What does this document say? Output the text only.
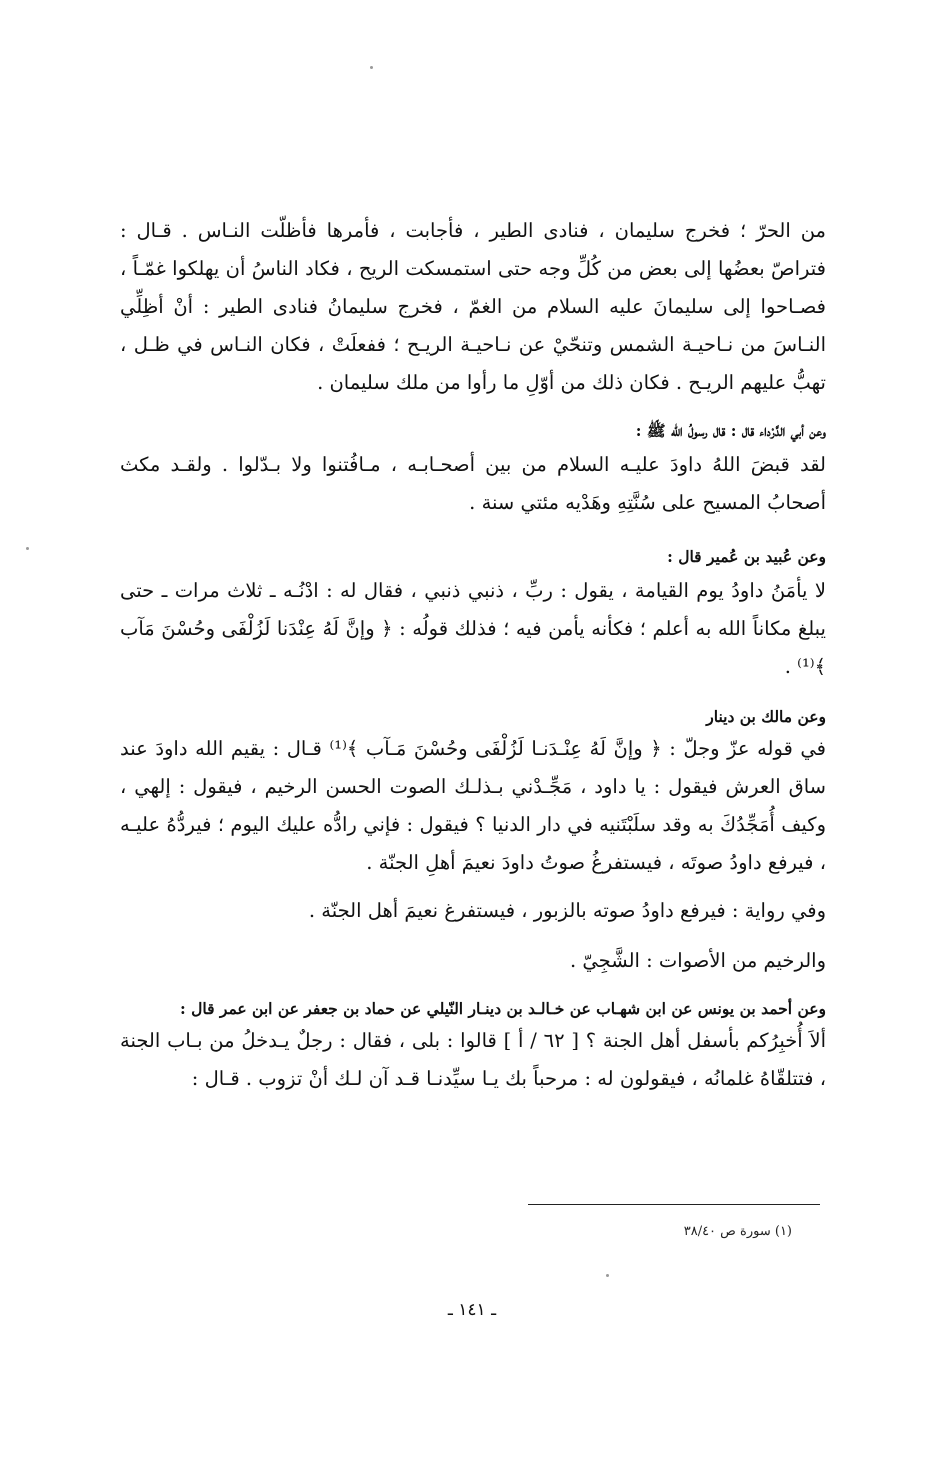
من الحرّ ؛ فخرج سليمان ، فنادى الطير ، فأجابت ، فأمرها فأظلّت النـاس . قـال : فتراصّ بعضُها إلى بعض من كُلِّ وجه حتى استمسكت الريح ، فكاد الناسُ أن يهلكوا غمّـاً ، فصـاحوا إلى سليمانَ عليه السلام من الغمّ ، فخرج سليمانُ فنادى الطير : أنْ أظِلِّي النـاسَ من نـاحيـة الشمس وتنحّيْ عن نـاحيـة الريـح ؛ ففعلَتْ ، فكان النـاس في ظـل ، تهبُّ عليهم الريـح . فكان ذلك من أوّلِ ما رأوا من ملك سليمان .

وعن أبي الدَّرْداء قال : قال رسولُ الله ﷺ :

لقد قبضَ اللهُ داودَ عليـه السلام من بين أصحـابـه ، مـافُتنوا ولا بـدّلوا . ولقـد مكث أصحابُ المسيح على سُنَّتِهِ وهَدْيه مئتي سنة .

وعن عُبيد بن عُمير قال :

لا يأمَنُ داودُ يوم القيامة ، يقول : ربِّ ، ذنبي ذنبي ، فقال له : ادْنُـه ـ ثلاث مرات ـ حتى يبلغ مكاناً الله به أعلم ؛ فكأنه يأمن فيه ؛ فذلك قولُه : ﴿ وإنَّ لَهُ عِنْدَنا لَزُلْفَى وحُسْنَ مَآب ﴾⁽¹⁾ .

وعن مالك بن دينار

في قوله عزّ وجلّ : ﴿ وإنَّ لَهُ عِنْـدَنـا لَزُلْفَى وحُسْنَ مَـآب ﴾⁽¹⁾ قـال : يقيم الله داودَ عند ساق العرش فيقول : يا داود ، مَجِّـدْني بـذلـك الصوت الحسن الرخيم ، فيقول : إلهي ، وكيف أُمَجِّدُكَ به وقد سلَبْتَنيه في دار الدنيا ؟ فيقول : فإني رادُّه عليك اليوم ؛ فيردُّهُ عليـه ، فيرفع داودُ صوتَه ، فيستفرغُ صوتُ داودَ نعيمَ أهلِ الجنّة .

وفي رواية : فيرفع داودُ صوته بالزبور ، فيستفرغ نعيمَ أهل الجنّة .

والرخيم من الأصوات : الشَّجِيّ .

وعن أحمد بن يونس عن ابن شهـاب عن خـالـد بن دينـار النّيلي عن حماد بن جعفر عن ابن عمر قال :

ألاَ أُخبِرُكم بأسفل أهل الجنة ؟ [ ٦٢ / أ ] قالوا : بلى ، فقال : رجلٌ يـدخلُ من بـاب الجنة ، فتتلقّاهُ غلمانُه ، فيقولون له : مرحباً بك يـا سيِّدنـا قـد آن لـك أنْ تزوب . قـال :

(١) سورة ص ٣٨/٤٠
ـ ١٤١ ـ
